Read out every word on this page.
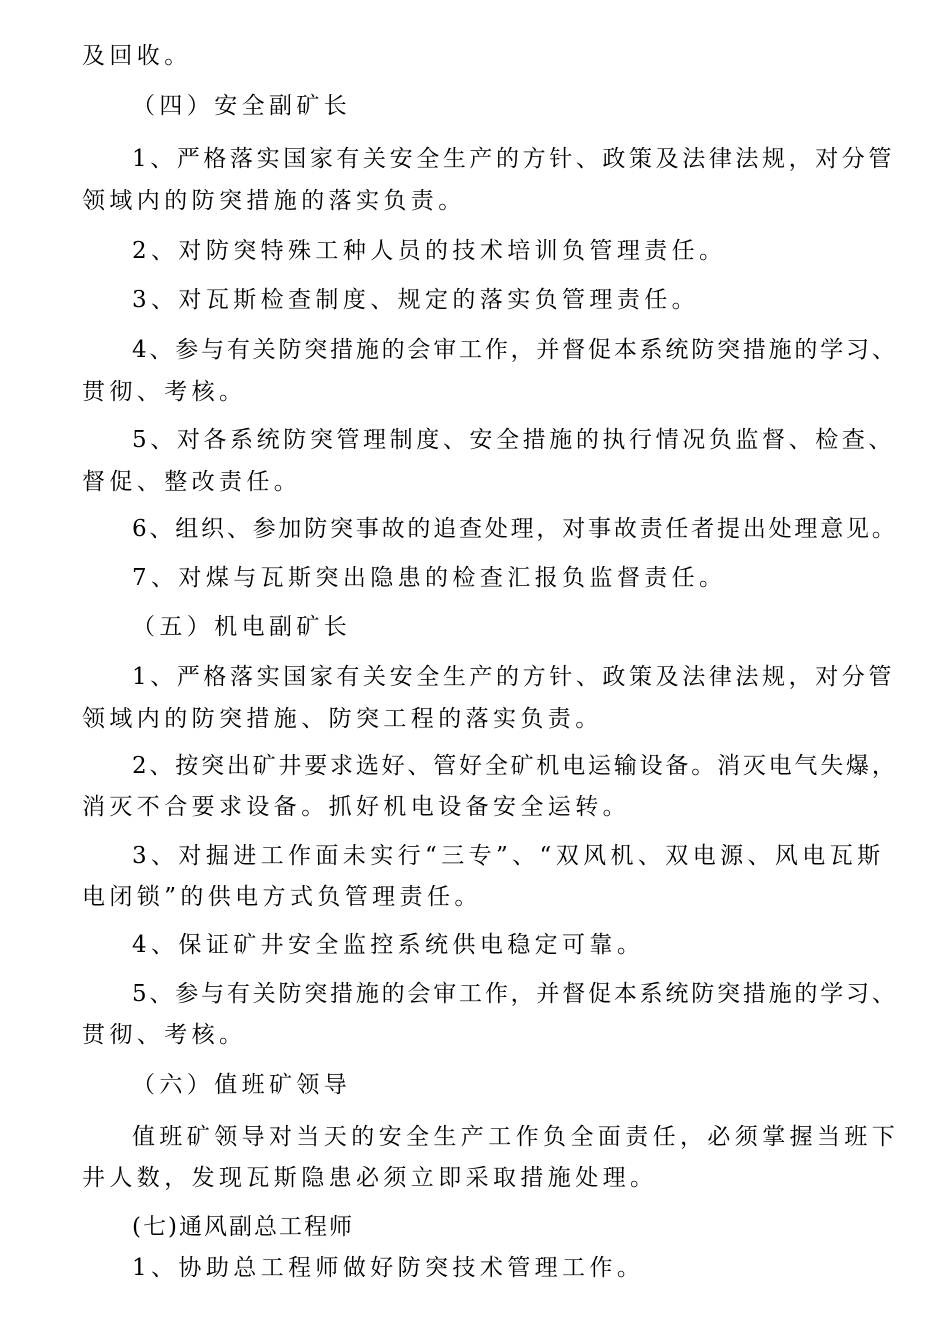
及回收。
（四）安全副矿长
1、严格落实国家有关安全生产的方针、政策及法律法规，对分管
领域内的防突措施的落实负责。
2、对防突特殊工种人员的技术培训负管理责任。
3、对瓦斯检查制度、规定的落实负管理责任。
4、参与有关防突措施的会审工作，并督促本系统防突措施的学习、
贯彻、考核。
5、对各系统防突管理制度、安全措施的执行情况负监督、检查、
督促、整改责任。
6、组织、参加防突事故的追查处理，对事故责任者提出处理意见。
7、对煤与瓦斯突出隐患的检查汇报负监督责任。
（五）机电副矿长
1、严格落实国家有关安全生产的方针、政策及法律法规，对分管
领域内的防突措施、防突工程的落实负责。
2、按突出矿井要求选好、管好全矿机电运输设备。消灭电气失爆，
消灭不合要求设备。抓好机电设备安全运转。
3、对掘进工作面未实行“三专”、“双风机、双电源、风电瓦斯
电闭锁”的供电方式负管理责任。
4、保证矿井安全监控系统供电稳定可靠。
5、参与有关防突措施的会审工作，并督促本系统防突措施的学习、
贯彻、考核。
（六）值班矿领导
值班矿领导对当天的安全生产工作负全面责任，必须掌握当班下
井人数，发现瓦斯隐患必须立即采取措施处理。
(七)通风副总工程师
1、协助总工程师做好防突技术管理工作。
